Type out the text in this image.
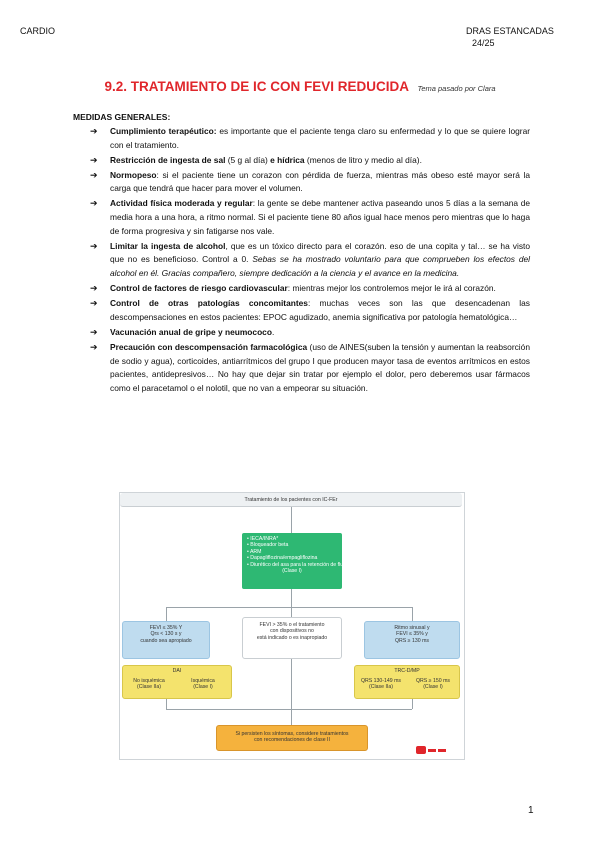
CARDIO	DRAS ESTANCADAS
24/25
9.2. TRATAMIENTO DE IC CON FEVI REDUCIDA Tema pasado por Clara
MEDIDAS GENERALES:
➔ Cumplimiento terapéutico: es importante que el paciente tenga claro su enfermedad y lo que se quiere lograr con el tratamiento.
➔ Restricción de ingesta de sal (5 g al día) e hídrica (menos de litro y medio al día).
➔ Normopeso: si el paciente tiene un corazon con pérdida de fuerza, mientras más obeso esté mayor será la carga que tendrá que hacer para mover el volumen.
➔ Actividad física moderada y regular: la gente se debe mantener activa paseando unos 5 días a la semana de media hora a una hora, a ritmo normal. Si el paciente tiene 80 años igual hace menos pero mientras que lo haga de forma progresiva y sin fatigarse nos vale.
➔ Limitar la ingesta de alcohol, que es un tóxico directo para el corazón. eso de una copita y tal… se ha visto que no es beneficioso. Control a 0. Sebas se ha mostrado voluntario para que comprueben los efectos del alcohol en él. Gracias compañero, siempre dedicación a la ciencia y el avance en la medicina.
➔ Control de factores de riesgo cardiovascular: mientras mejor los controlemos mejor le irá al corazón.
➔ Control de otras patologías concomitantes: muchas veces son las que desencadenan las descompensaciones en estos pacientes: EPOC agudizado, anemia significativa por patología hematológica…
➔ Vacunación anual de gripe y neumococo.
➔ Precaución con descompensación farmacológica (uso de AINES(suben la tensión y aumentan la reabsorción de sodio y agua), corticoides, antiarrítmicos del grupo I que producen mayor tasa de eventos arrítmicos en estos pacientes, antidepresivos… No hay que dejar sin tratar por ejemplo el dolor, pero deberemos usar fármacos como el paracetamol o el nolotil, que no van a empeorar su situación.
Tratamiento de los pacientes con IC-FEr
• IECA/INRA*
• Bloqueador beta
• ARM
• Dapagliflozina/empagliflozina
• Diurético del asa para la retención de fluidos
(Clase I)
FEVI ≤ 35% Y
Qrs < 130 s y
cuando sea apropiado
FEVI > 35% o el tratamiento
con dispositivos no
está indicado o es inapropiado
Ritmo sinusal y
FEVI ≤ 35% y
QRS ≥ 130 ms
DAI
No isquémica
(Clase IIa)
Isquémica
(Clase I)
TRC-D/MP
QRS 130-149 ms
(Clase IIa)
QRS ≥ 150 ms
(Clase I)
Si persisten los síntomas, considere tratamientos
con recomendaciones de clase II
1
